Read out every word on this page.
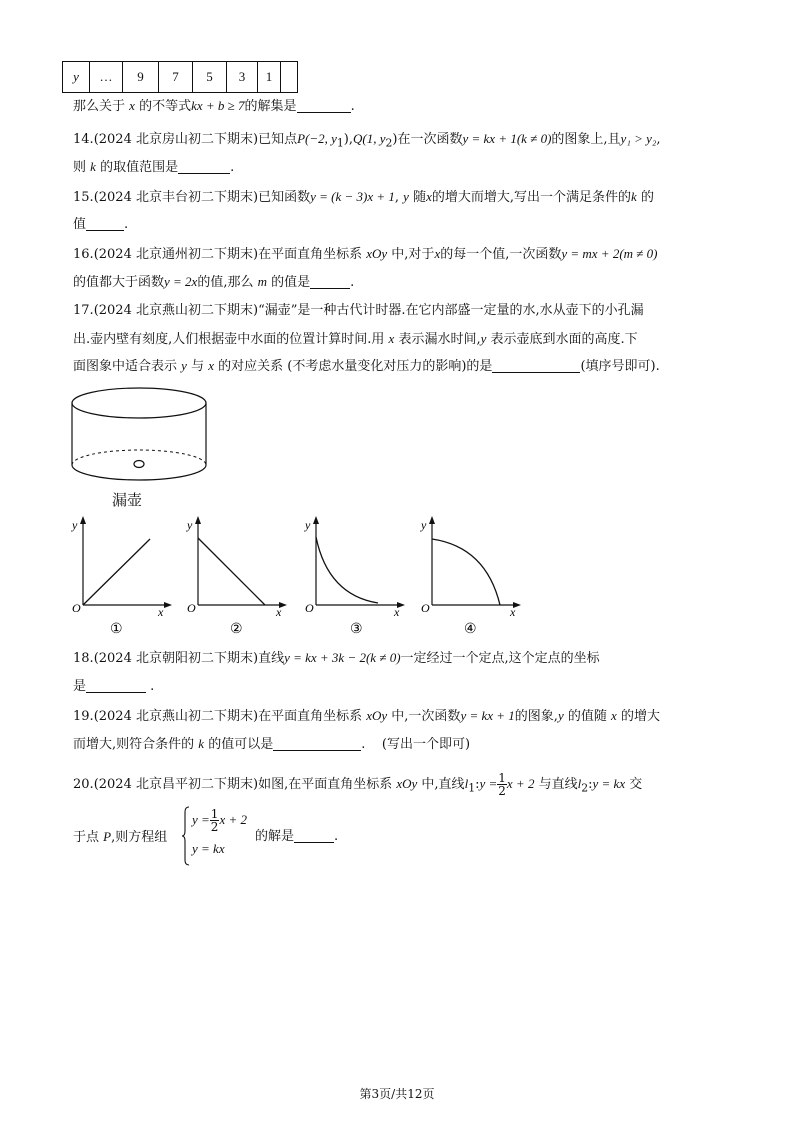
y	…	9	7	5	3	1	
那么关于 x 的不等式kx + b ≥ 7的解集是	.
14.(2024 北京房山初二下期末)已知点P(−2, $y_1),Q(1$, $y_2$)在一次函数y = kx + 1(k ≠ 0)的图象上,且y₁ > y₂,
则 k 的取值范围是	.
15.(2024 北京丰台初二下期末)已知函数y = (k − 3)x + 1, y 随x的增大而增大,写出一个满足条件的k 的
值	.
16.(2024 北京通州初二下期末)在平面直角坐标系 xOy 中,对于x的每一个值,一次函数y = mx + 2(m ≠ 0)
的值都大于函数y = 2x的值,那么 m 的值是	.
17.(2024 北京燕山初二下期末)“漏壶”是一种古代计时器.在它内部盛一定量的水,水从壶下的小孔漏
出.壶内壁有刻度,人们根据壶中水面的位置计算时间.用 x 表示漏水时间,y 表示壶底到水面的高度.下
面图象中适合表示 y 与 x 的对应关系 (不考虑水量变化对压力的影响)的是	(填序号即可).
漏壶
y
x
O
①
y
x
O
②
y
x
O
③
y
x
O
④
18.(2024 北京朝阳初二下期末)直线y = kx + 3k − 2(k ≠ 0)一定经过一个定点,这个定点的坐标
是	.
19.(2024 北京燕山初二下期末)在平面直角坐标系 xOy 中,一次函数y = kx + 1的图象,y 的值随 x 的增大
而增大,则符合条件的 k 的值可以是	. (写出一个即可)
20.(2024 北京昌平初二下期末)如图,在平面直角坐标系 xOy 中,直线$l_1:y = \frac{1}{2}$ x + 2 与直线$l_2:y$ = kx 交
于点 P,则方程组
$y = \frac{1}{2}$ x + 2
y = kx
的解是	.
第3页/共12页
